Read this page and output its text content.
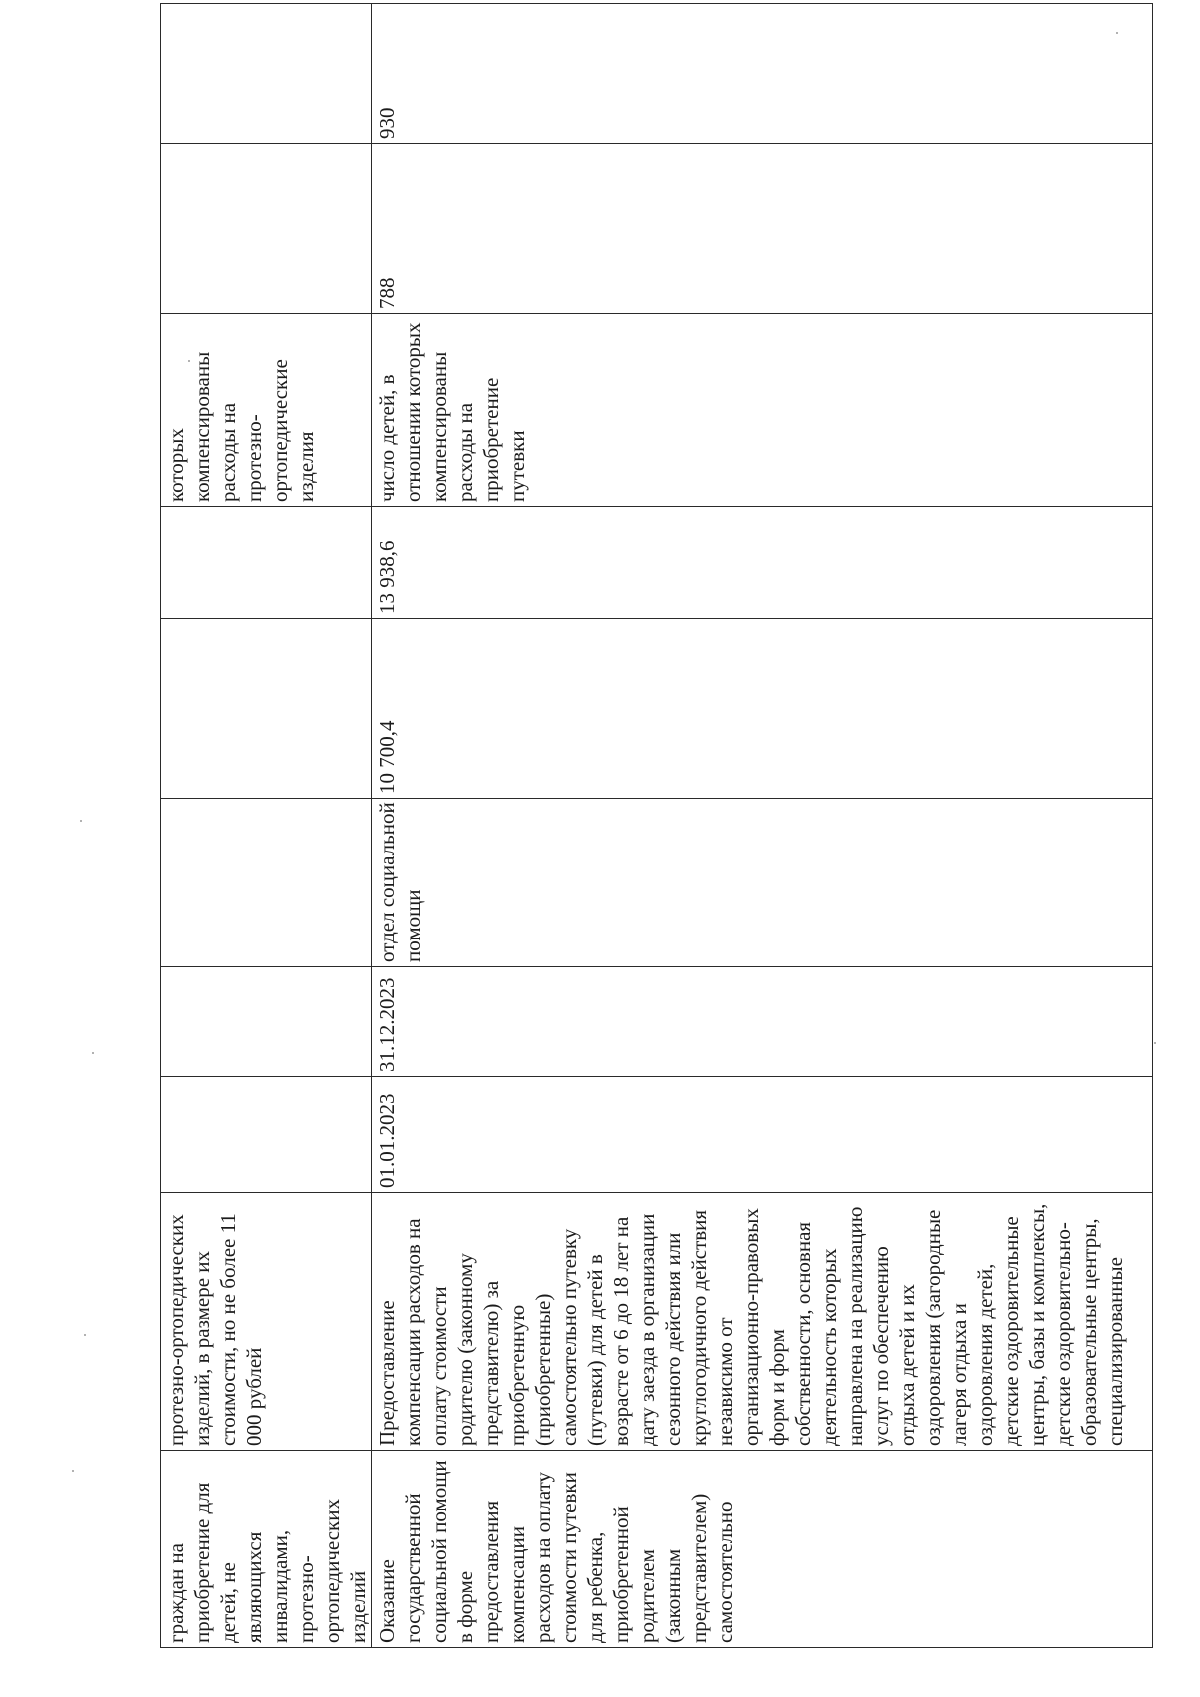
граждан на приобретение для детей, не являющихся инвалидами, протезно-ортопедических изделий	протезно-ортопедических изделий, в размере их стоимости, но не более 11 000 рублей						которых компенсированы расходы на протезно-ортопедические изделия		
Оказание государственной социальной помощи в форме предоставления компенсации расходов на оплату стоимости путевки для ребенка, приобретенной родителем (законным представителем) самостоятельно	Предоставление компенсации расходов на оплату стоимости родителю (законному представителю) за приобретенную (приобретенные) самостоятельно путевку (путевки) для детей в возрасте от 6 до 18 лет на дату заезда в организации сезонного действия или круглогодичного действия независимо от организационно-правовых форм и форм собственности, основная деятельность которых направлена на реализацию услуг по обеспечению отдыха детей и их оздоровления (загородные лагеря отдыха и оздоровления детей, детские оздоровительные центры, базы и комплексы, детские оздоровительно-образовательные центры, специализированные	01.01.2023	31.12.2023	отдел социальной помощи	10 700,4	13 938,6	число детей, в отношении которых компенсированы расходы на приобретение путевки	788	930
